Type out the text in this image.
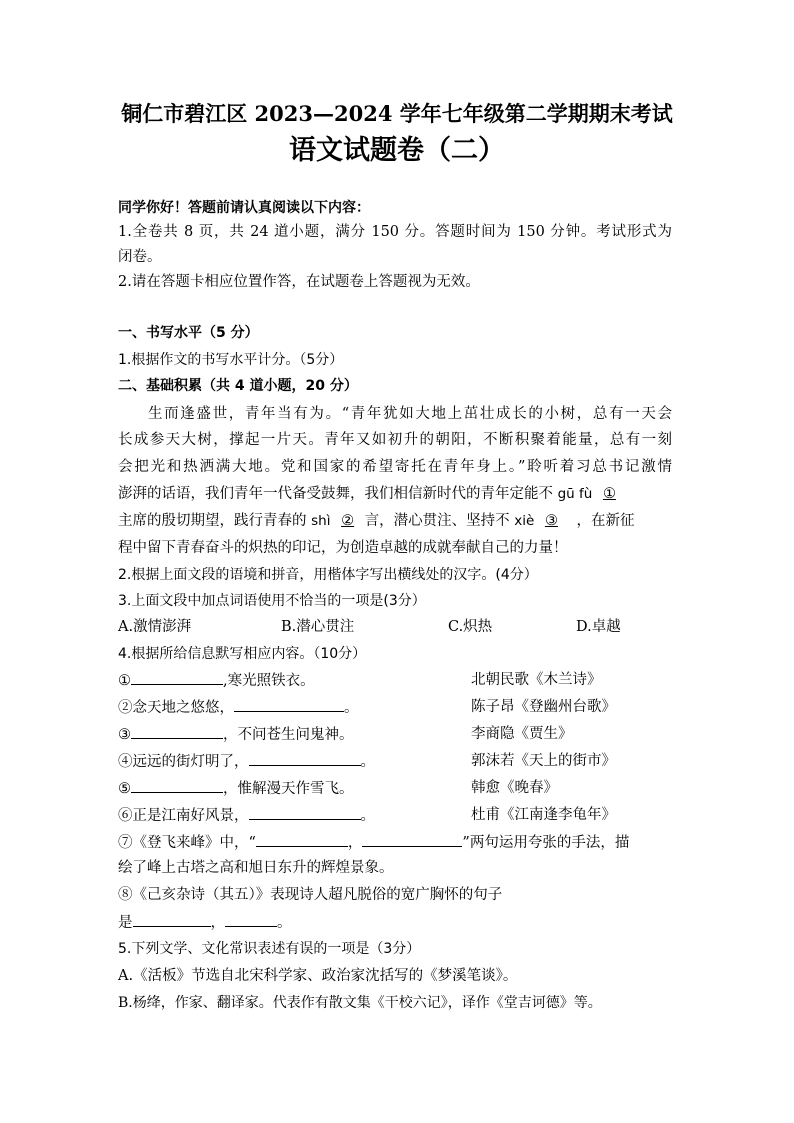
铜仁市碧江区 2023—2024 学年七年级第二学期期末考试
语文试题卷（二）
同学你好！答题前请认真阅读以下内容：
1.全卷共 8 页，共 24 道小题，满分 150 分。答题时间为 150 分钟。考试形式为
闭卷。
2.请在答题卡相应位置作答，在试题卷上答题视为无效。
一、书写水平（5 分）
1.根据作文的书写水平计分。（5分）
二、基础积累（共 4 道小题，20 分）
生而逢盛世，青年当有为。“青年犹如大地上茁壮成长的小树，总有一天会
长成参天大树，撑起一片天。青年又如初升的朝阳，不断积聚着能量，总有一刻
会把光和热洒满大地。党和国家的希望寄托在青年身上。”聆听着习总书记激情
澎湃的话语，我们青年一代备受鼓舞，我们相信新时代的青年定能不 gū fù ①
主席的殷切期望，践行青春的 shì ② 言，潜心贯注、坚持不 xiè ③ ，在新征
程中留下青春奋斗的炽热的印记，为创造卓越的成就奉献自己的力量！
2.根据上面文段的语境和拼音，用楷体字写出横线处的汉字。(4分）
3.上面文段中加点词语使用不恰当的一项是(3分）
A.激情澎湃	B.潜心贯注	C.炽热	D.卓越
4.根据所给信息默写相应内容。（10分）
①	,寒光照铁衣。	北朝民歌《木兰诗》
②念天地之悠悠，	。	陈子昂《登幽州台歌》
③	，不问苍生问鬼神。	李商隐《贾生》
④远远的街灯明了，	。	郭沫若《天上的街市》
⑤	，惟解漫天作雪飞。	韩愈《晚春》
⑥正是江南好风景，	。	杜甫《江南逢李龟年》
⑦《登飞来峰》中，“	，	”两句运用夸张的手法，描
绘了峰上古塔之高和旭日东升的辉煌景象。
⑧《己亥杂诗（其五）》表现诗人超凡脱俗的宽广胸怀的句子
是	，	。
5.下列文学、文化常识表述有误的一项是（3分）
A.《活板》节选自北宋科学家、政治家沈括写的《梦溪笔谈》。
B.杨绛，作家、翻译家。代表作有散文集《干校六记》，译作《堂吉诃德》等。
